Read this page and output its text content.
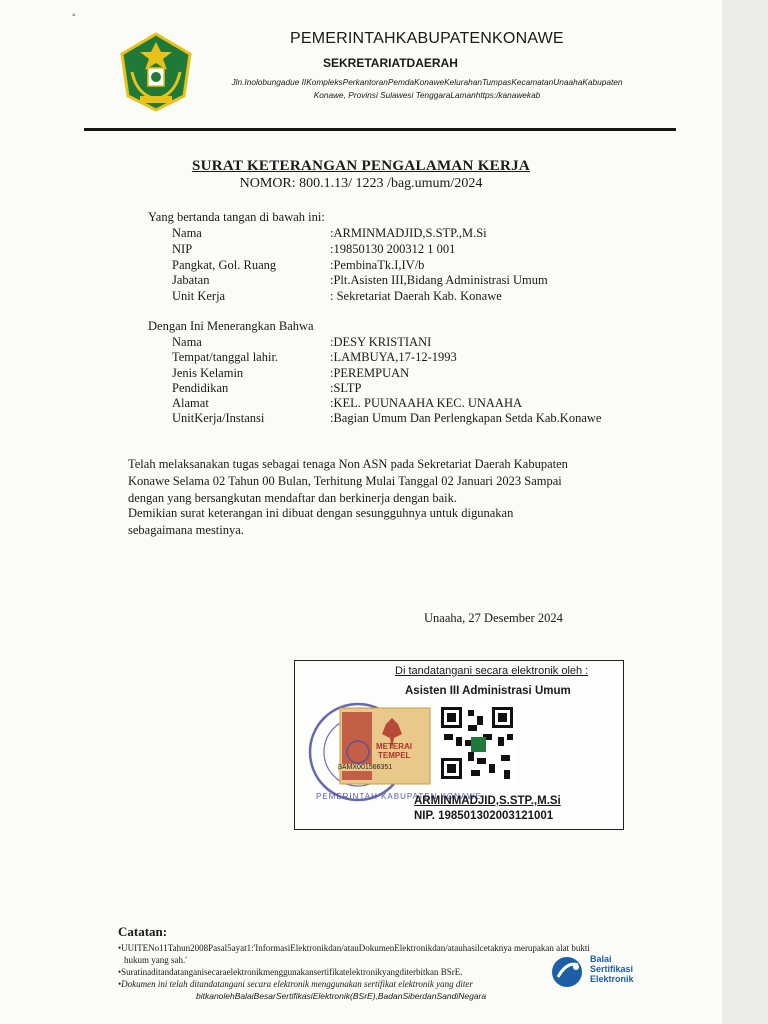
◦
PEMERINTAHKABUPATENKONAWE
SEKRETARIATDAERAH
Jln.Inolobungadue IIKompleksPerkantoranPemdaKonaweKelurahanTumpasKecamatanUnaahaKabupaten
Konawe, Provinsi Sulawesi TenggaraLamanhttps:/kanawekab
SURAT KETERANGAN PENGALAMAN KERJA
NOMOR: 800.1.13/ 1223 /bag.umum/2024
Yang bertanda tangan di bawah ini:
Nama	:ARMINMADJID,S.STP.,M.Si
NIP	:19850130 200312 1 001
Pangkat, Gol. Ruang	:PembinaTk.I,IV/b
Jabatan	:Plt.Asisten III,Bidang Administrasi Umum
Unit Kerja	: Sekretariat Daerah Kab. Konawe
Dengan Ini Menerangkan Bahwa
Nama	:DESY KRISTIANI
Tempat/tanggal lahir.	:LAMBUYA,17-12-1993
Jenis Kelamin	:PEREMPUAN
Pendidikan	:SLTP
Alamat	:KEL. PUUNAAHA KEC. UNAAHA
UnitKerja/Instansi	:Bagian Umum Dan Perlengkapan Setda Kab.Konawe
Telah melaksanakan tugas sebagai tenaga Non ASN pada Sekretariat Daerah Kabupaten
Konawe Selama 02 Tahun 00 Bulan, Terhitung Mulai Tanggal 02 Januari 2023 Sampai
dengan yang bersangkutan mendaftar dan berkinerja dengan baik.
Demikian surat keterangan ini dibuat dengan sesungguhnya untuk digunakan
sebagaimana mestinya.
Unaaha, 27 Desember 2024
Di tandatangani secara elektronik oleh :
Asisten III Administrasi Umum
METERAI
TEMPEL
3AMX001566351
PEMERINTAH KABUPATEN KONAWE
ARMINMADJID,S.STP.,M.Si
NIP. 198501302003121001
Catatan:
•UUITENo11Tahun2008Pasal5ayat1:'InformasiElektronikdan/atauDokumenElektronikdan/atauhasilcetaknya merupakan alat bukti
hukum yang sah.'
•Suratinaditandatanganisecaraelektronikmenggunakansertifikatelektronikyangditerbitkan BSrE.
•Dokumen ini telah ditandatangani secara elektronik menggunakan sertifikat elektronik yang diter
bitkanolehBalaiBesarSertifikasiElektronik(BSrE),BadanSiberdanSandiNegara
Balai
Sertifikasi
Elektronik
